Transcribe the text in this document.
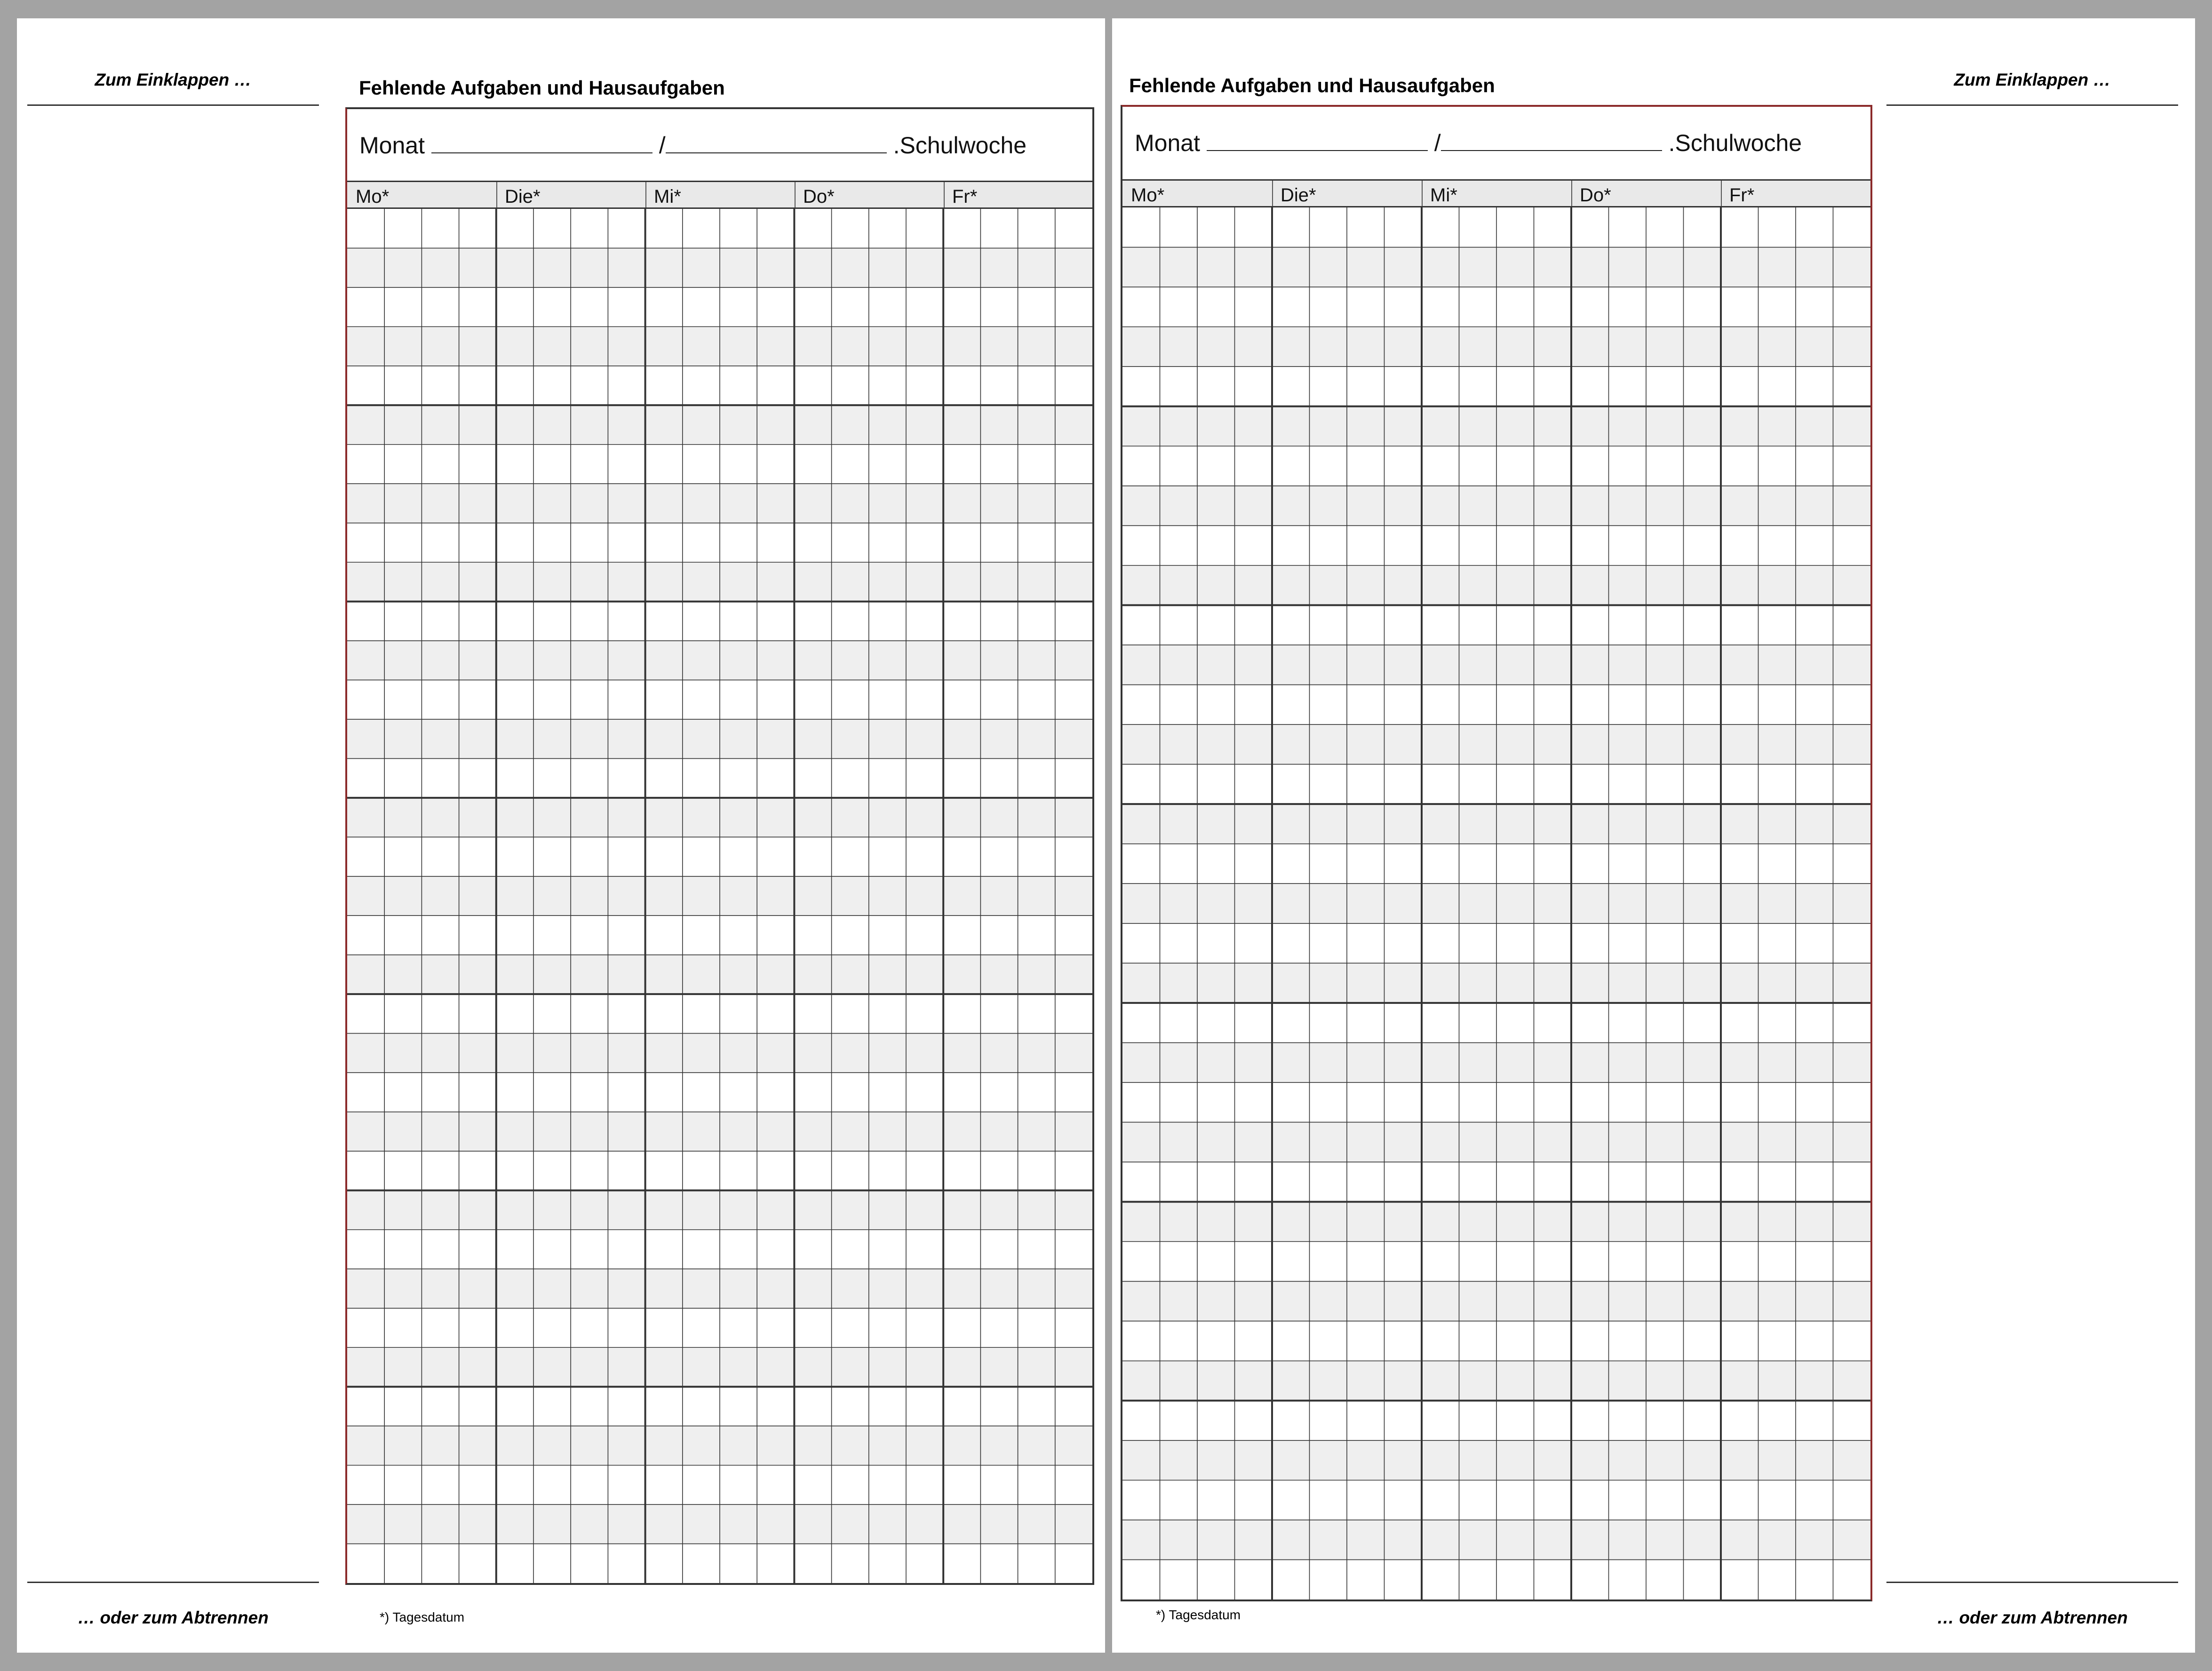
Zum Einklappen …	Fehlende Aufgaben und Hausaufgaben
Monat	/	.Schulwoche
Mo*	Die*	Mi*	Do*	Fr*
*) Tagesdatum
… oder zum Abtrennen
Fehlende Aufgaben und Hausaufgaben
Monat	/	.Schulwoche
Mo*	Die*	Mi*	Do*	Fr*
*) Tagesdatum
Zum Einklappen …
… oder zum Abtrennen
